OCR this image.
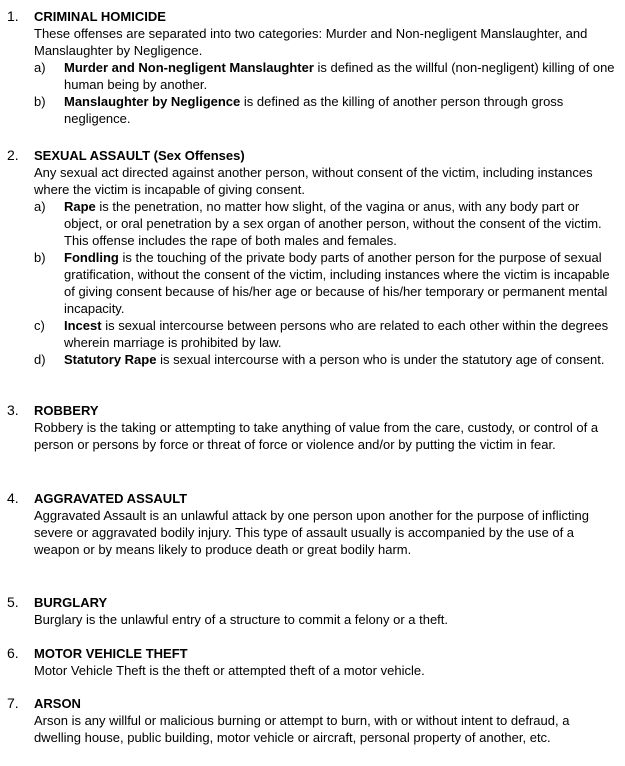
1. CRIMINAL HOMICIDE
These offenses are separated into two categories: Murder and Non-negligent Manslaughter, and Manslaughter by Negligence.
a) Murder and Non-negligent Manslaughter is defined as the willful (non-negligent) killing of one human being by another.
b) Manslaughter by Negligence is defined as the killing of another person through gross negligence.
2. SEXUAL ASSAULT (Sex Offenses)
Any sexual act directed against another person, without consent of the victim, including instances where the victim is incapable of giving consent.
a) Rape is the penetration, no matter how slight, of the vagina or anus, with any body part or object, or oral penetration by a sex organ of another person, without the consent of the victim. This offense includes the rape of both males and females.
b) Fondling is the touching of the private body parts of another person for the purpose of sexual gratification, without the consent of the victim, including instances where the victim is incapable of giving consent because of his/her age or because of his/her temporary or permanent mental incapacity.
c) Incest is sexual intercourse between persons who are related to each other within the degrees wherein marriage is prohibited by law.
d) Statutory Rape is sexual intercourse with a person who is under the statutory age of consent.
3. ROBBERY
Robbery is the taking or attempting to take anything of value from the care, custody, or control of a person or persons by force or threat of force or violence and/or by putting the victim in fear.
4. AGGRAVATED ASSAULT
Aggravated Assault is an unlawful attack by one person upon another for the purpose of inflicting severe or aggravated bodily injury. This type of assault usually is accompanied by the use of a weapon or by means likely to produce death or great bodily harm.
5. BURGLARY
Burglary is the unlawful entry of a structure to commit a felony or a theft.
6. MOTOR VEHICLE THEFT
Motor Vehicle Theft is the theft or attempted theft of a motor vehicle.
7. ARSON
Arson is any willful or malicious burning or attempt to burn, with or without intent to defraud, a dwelling house, public building, motor vehicle or aircraft, personal property of another, etc.
